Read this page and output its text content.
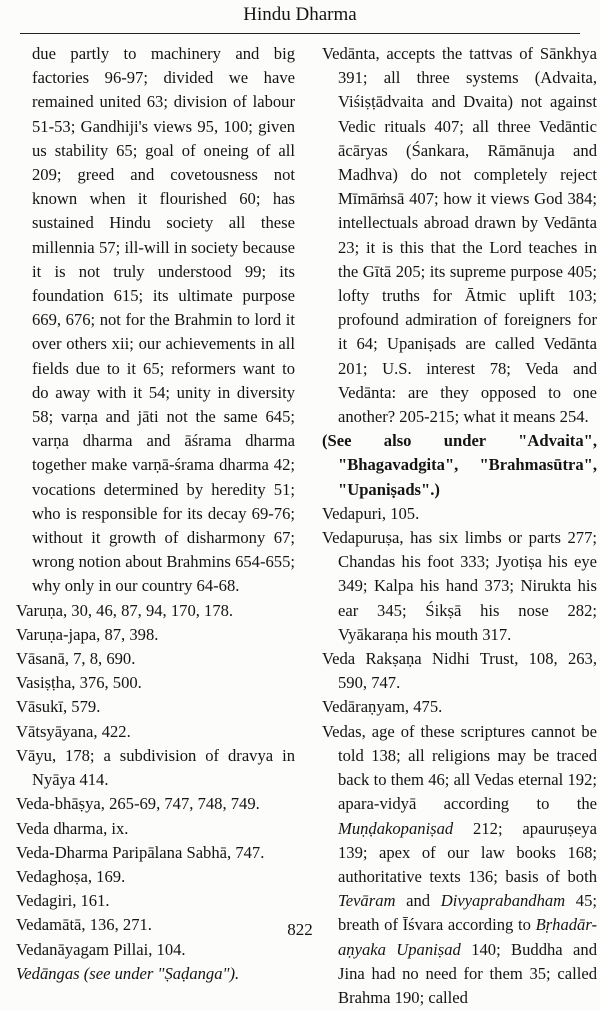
Hindu Dharma

due partly to machinery and big factories 96-97; divided we have remained united 63; division of labour 51-53; Gandhiji's views 95, 100; given us stability 65; goal of oneing of all 209; greed and covetousness not known when it flourished 60; has sustained Hindu society all these millennia 57; ill-will in society because it is not truly understood 99; its foundation 615; its ultimate purpose 669, 676; not for the Brahmin to lord it over others xii; our achievements in all fields due to it 65; reformers want to do away with it 54; unity in diversity 58; varṇa and jāti not the same 645; varṇa dharma and āśrama dharma together make varṇā-śrama dharma 42; vocations determined by heredity 51; who is responsible for its decay 69-76; without it growth of disharmony 67; wrong notion about Brahmins 654-655; why only in our country 64-68.

Varuṇa, 30, 46, 87, 94, 170, 178.

Varuṇa-japa, 87, 398.

Vāsanā, 7, 8, 690.

Vasiṣṭha, 376, 500.

Vāsukī, 579.

Vātsyāyana, 422.

Vāyu, 178; a subdivision of dravya in Nyāya 414.

Veda-bhāṣya, 265-69, 747, 748, 749.

Veda dharma, ix.

Veda-Dharma Paripālana Sabhā, 747.

Vedaghoṣa, 169.

Vedagiri, 161.

Vedamātā, 136, 271.

Vedanāyagam Pillai, 104.

Vedāngas (see under "Ṣaḍanga").

Vedānta, accepts the tattvas of Sānkhya 391; all three systems (Advaita, Viśiṣṭādvaita and Dvaita) not against Vedic rituals 407; all three Vedāntic ācāryas (Śankara, Rāmānuja and Madhva) do not completely reject Mīmāṁsā 407; how it views God 384; intellectuals abroad drawn by Vedānta 23; it is this that the Lord teaches in the Gītā 205; its supreme purpose 405; lofty truths for Ātmic uplift 103; profound admiration of foreigners for it 64; Upaniṣads are called Vedānta 201; U.S. interest 78; Veda and Vedānta: are they opposed to one another? 205-215; what it means 254.

(See also under "Advaita", "Bhagavadgita", "Brahmasūtra", "Upaniṣads".)

Vedapuri, 105.

Vedapuruṣa, has six limbs or parts 277; Chandas his foot 333; Jyotiṣa his eye 349; Kalpa his hand 373; Nirukta his ear 345; Śikṣā his nose 282; Vyākaraṇa his mouth 317.

Veda Rakṣaṇa Nidhi Trust, 108, 263, 590, 747.

Vedāraṇyam, 475.

Vedas, age of these scriptures cannot be told 138; all religions may be traced back to them 46; all Vedas eternal 192; apara-vidyā according to the Muṇḍakopaniṣad 212; apauruṣeya 139; apex of our law books 168; authoritative texts 136; basis of both Tevāram and Divyaprabandham 45; breath of Īśvara according to Bṛhadār-aṇyaka Upaniṣad 140; Buddha and Jina had no need for them 35; called Brahma 190; called

822
